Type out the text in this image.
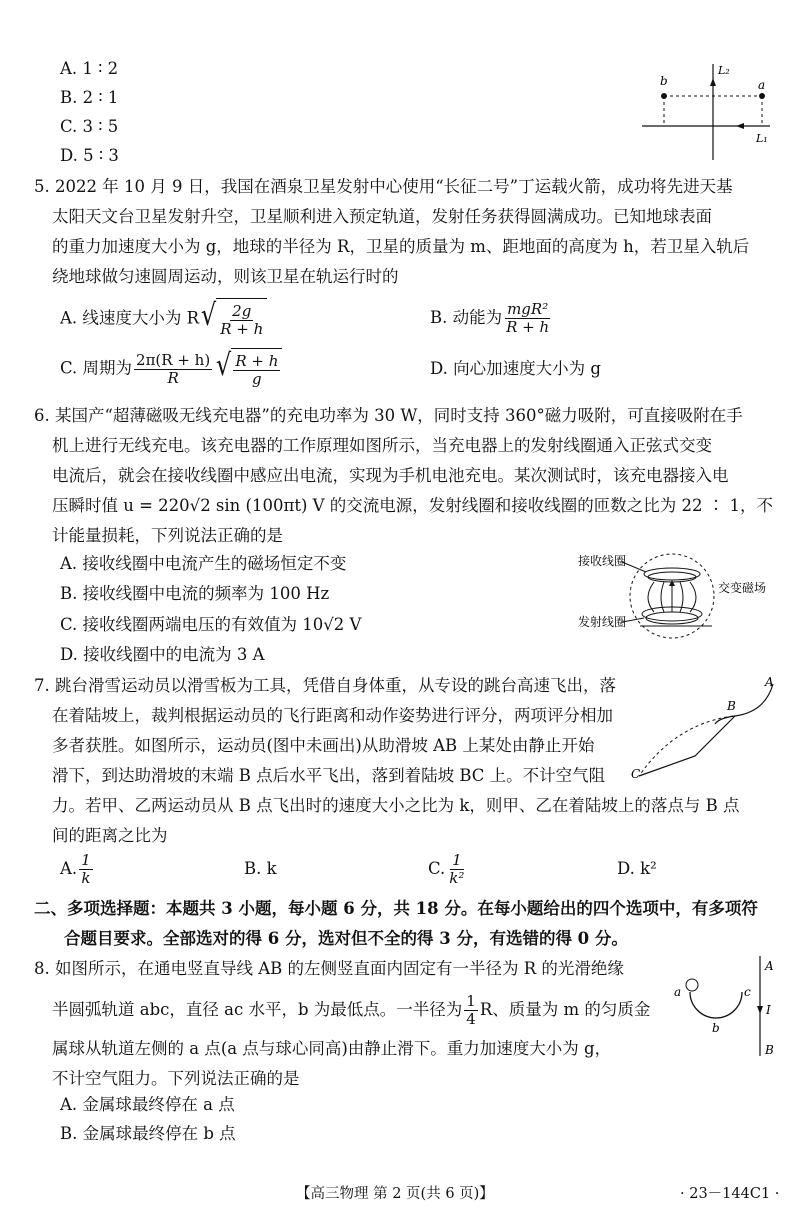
A. 1 ∶ 2
B. 2 ∶ 1
C. 3 ∶ 5
D. 5 ∶ 3
b	a
L₂
L₁
5. 2022 年 10 月 9 日，我国在酒泉卫星发射中心使用“长征二号”丁运载火箭，成功将先进天基
太阳天文台卫星发射升空，卫星顺利进入预定轨道，发射任务获得圆满成功。已知地球表面
的重力加速度大小为 g，地球的半径为 R，卫星的质量为 m、距地面的高度为 h，若卫星入轨后
绕地球做匀速圆周运动，则该卫星在轨运行时的
A. 线速度大小为 R √ $\frac{2g}{R + h}$	B. 动能为 $\frac{\text{mgR²}}{R + h}$
C. 周期为 $\frac{2\pi(R + h)}{R}$ √ $\frac{R + h}{g}$	D. 向心加速度大小为 g
6. 某国产“超薄磁吸无线充电器”的充电功率为 30 W，同时支持 360°磁力吸附，可直接吸附在手
机上进行无线充电。该充电器的工作原理如图所示，当充电器上的发射线圈通入正弦式交变
电流后，就会在接收线圈中感应出电流，实现为手机电池充电。某次测试时，该充电器接入电
压瞬时值 u = 220√2 sin (100πt) V 的交流电源，发射线圈和接收线圈的匝数之比为 22 ∶ 1，不
计能量损耗，下列说法正确的是
A. 接收线圈中电流产生的磁场恒定不变
B. 接收线圈中电流的频率为 100 Hz
C. 接收线圈两端电压的有效值为 10√2 V
D. 接收线圈中的电流为 3 A
接收线圈
发射线圈
交变磁场
7. 跳台滑雪运动员以滑雪板为工具，凭借自身体重，从专设的跳台高速飞出，落
在着陆坡上，裁判根据运动员的飞行距离和动作姿势进行评分，两项评分相加
多者获胜。如图所示，运动员(图中未画出)从助滑坡 AB 上某处由静止开始
滑下，到达助滑坡的末端 B 点后水平飞出，落到着陆坡 BC 上。不计空气阻
力。若甲、乙两运动员从 B 点飞出时的速度大小之比为 k，则甲、乙在着陆坡上的落点与 B 点
间的距离之比为
A. $\frac{1}{k}$	B. k	C. $\frac{1}{\text{k²}}$	D. k²
A
B
C
二、多项选择题：本题共 3 小题，每小题 6 分，共 18 分。在每小题给出的四个选项中，有多项符
合题目要求。全部选对的得 6 分，选对但不全的得 3 分，有选错的得 0 分。
8. 如图所示，在通电竖直导线 AB 的左侧竖直面内固定有一半径为 R 的光滑绝缘
半圆弧轨道 abc，直径 ac 水平，b 为最低点。一半径为 $\frac{1}{4}$ R、质量为 m 的匀质金
属球从轨道左侧的 a 点(a 点与球心同高)由静止滑下。重力加速度大小为 g，
不计空气阻力。下列说法正确的是
A. 金属球最终停在 a 点
B. 金属球最终停在 b 点
a
b
c
A
I
B
【高三物理 第 2 页(共 6 页)】	· 23－144C1 ·
